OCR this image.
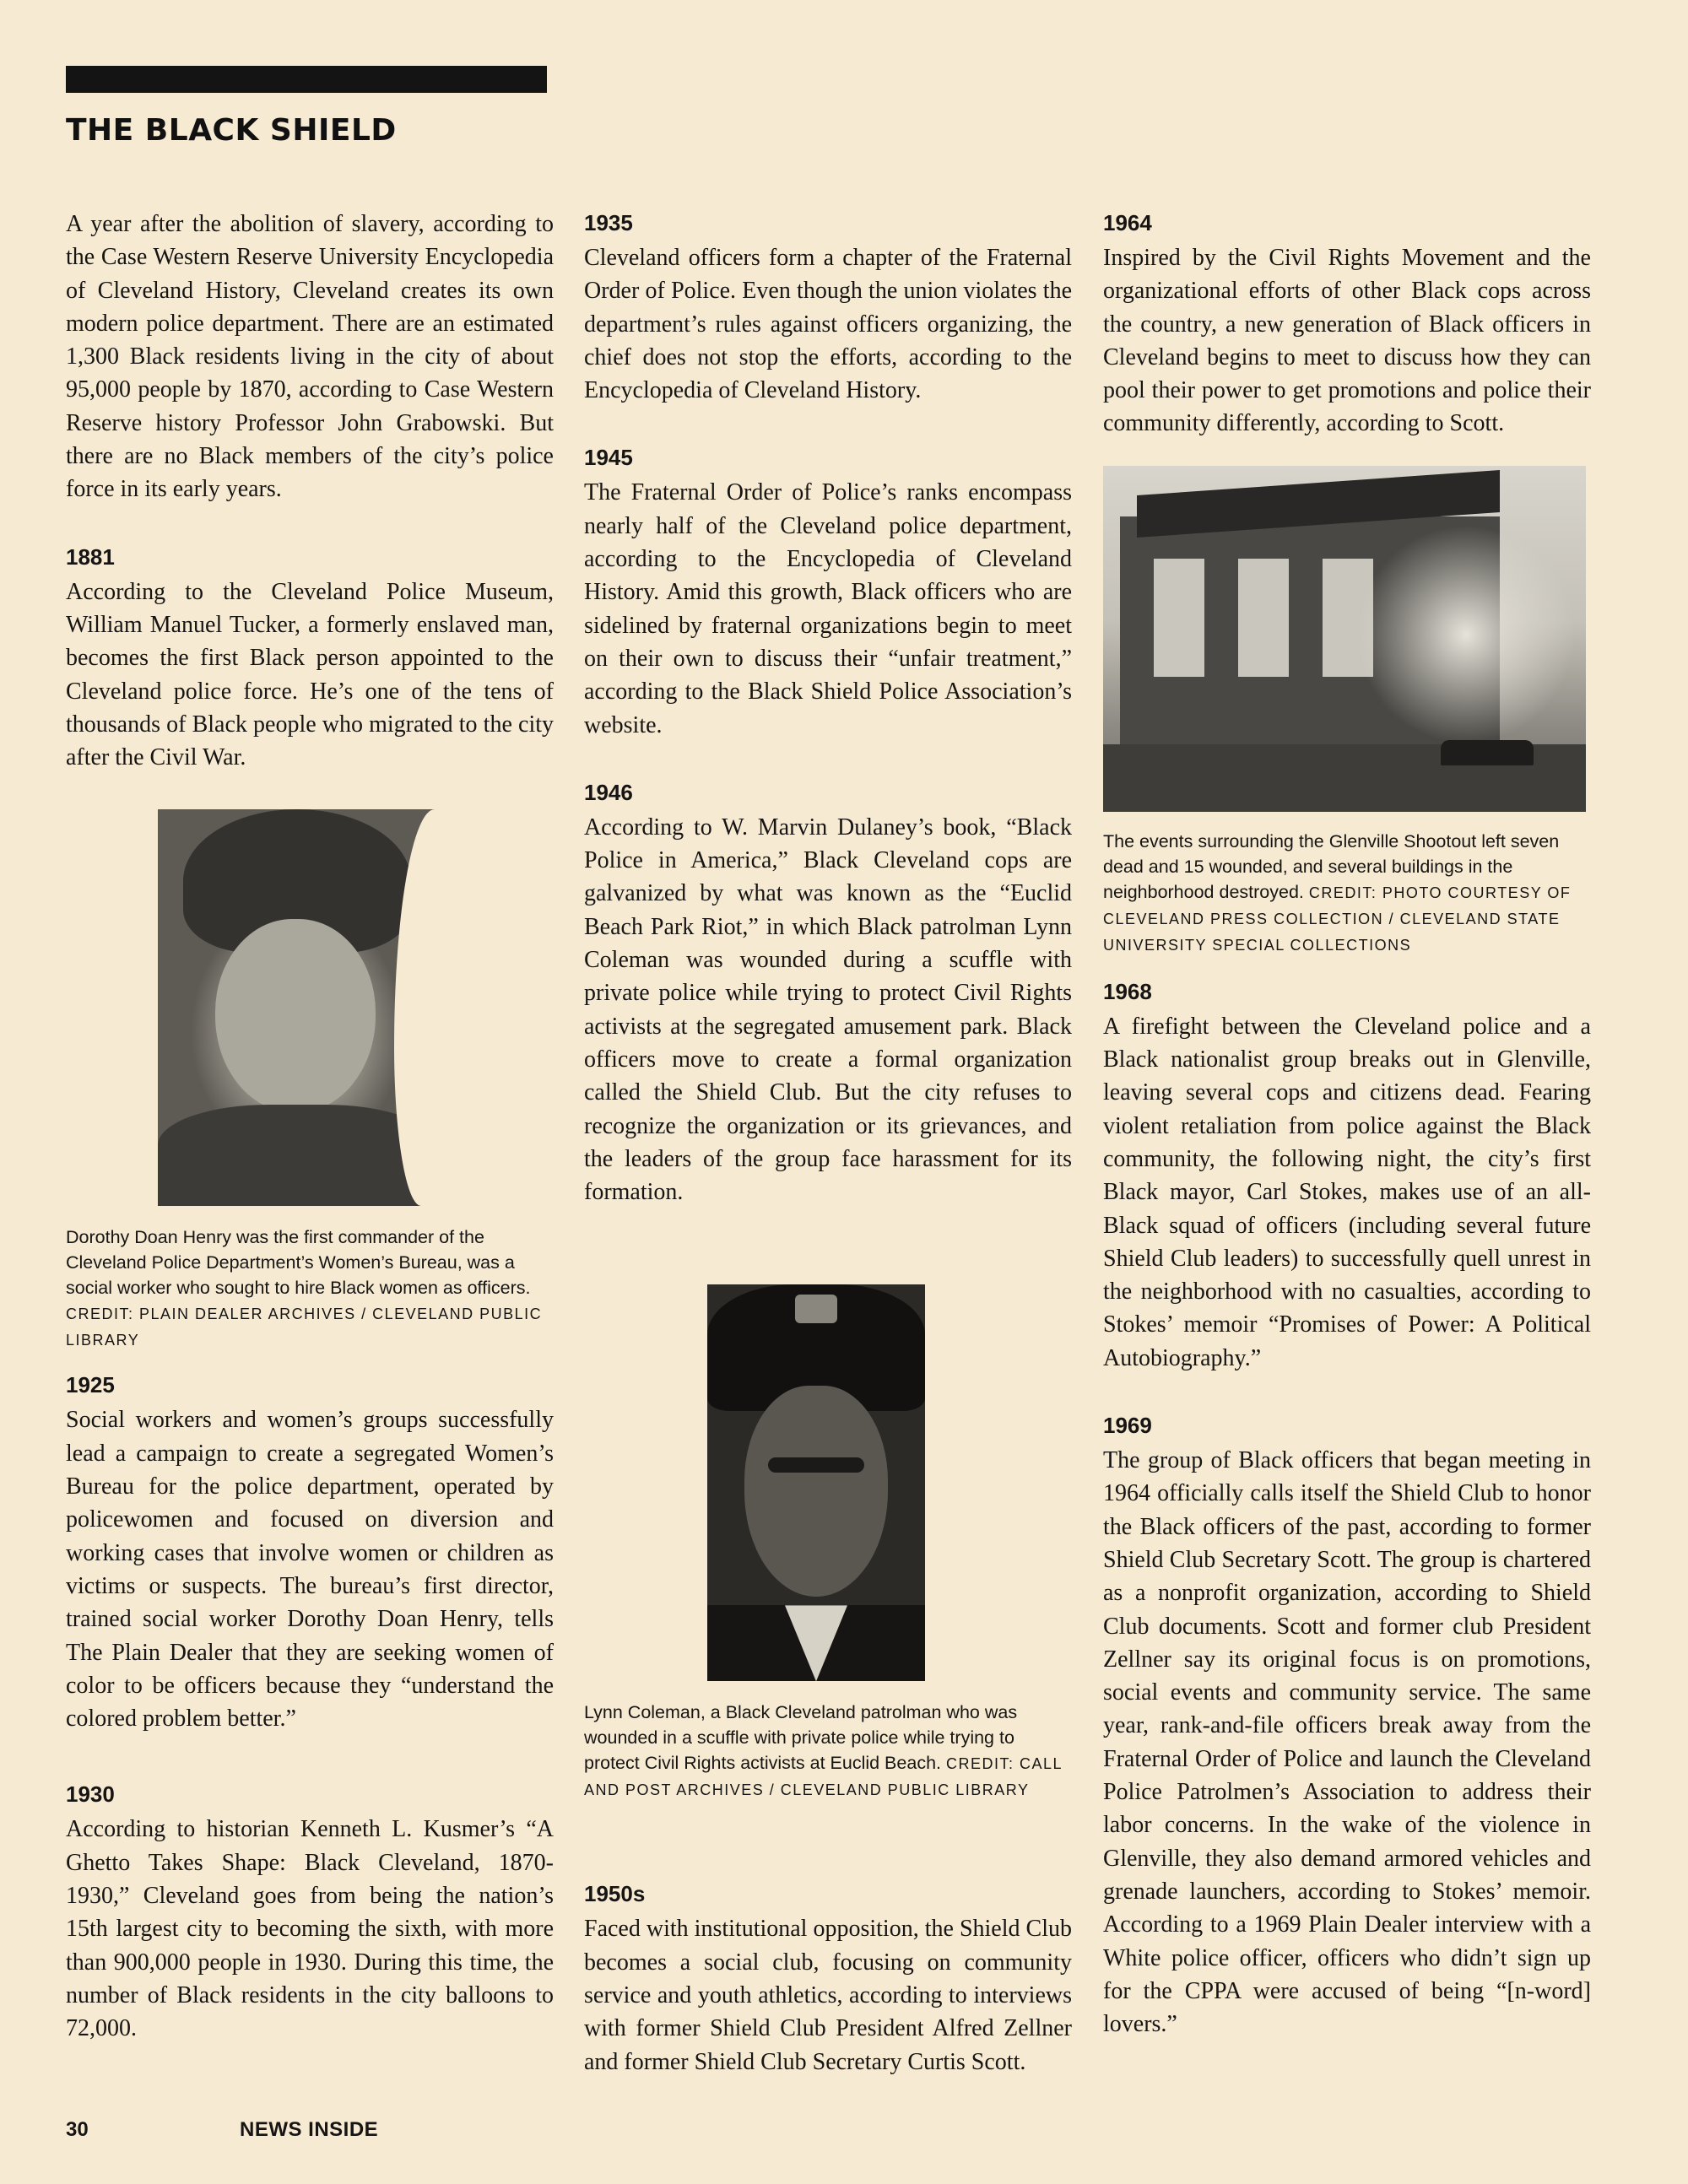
THE BLACK SHIELD

A year after the abolition of slavery, according to the Case Western Reserve University Encyclopedia of Cleveland History, Cleveland creates its own modern police department. There are an estimated 1,300 Black residents living in the city of about 95,000 people by 1870, according to Case Western Reserve history Professor John Grabowski. But there are no Black members of the city’s police force in its early years.

1881

According to the Cleveland Police Museum, William Manuel Tucker, a formerly enslaved man, becomes the first Black person appointed to the Cleveland police force. He’s one of the tens of thousands of Black people who migrated to the city after the Civil War.

Dorothy Doan Henry was the first commander of the Cleveland Police Department’s Women’s Bureau, was a social worker who sought to hire Black women as officers. CREDIT: PLAIN DEALER ARCHIVES / CLEVELAND PUBLIC LIBRARY

1925

Social workers and women’s groups successfully lead a campaign to create a segregated Women’s Bureau for the police department, operated by policewomen and focused on diversion and working cases that involve women or children as victims or suspects. The bureau’s first director, trained social worker Dorothy Doan Henry, tells The Plain Dealer that they are seeking women of color to be officers because they “understand the colored problem better.”

1930

According to historian Kenneth L. Kusmer’s “A Ghetto Takes Shape: Black Cleveland, 1870-1930,” Cleveland goes from being the nation’s 15th largest city to becoming the sixth, with more than 900,000 people in 1930. During this time, the number of Black residents in the city balloons to 72,000.

1935

Cleveland officers form a chapter of the Fraternal Order of Police. Even though the union violates the department’s rules against officers organizing, the chief does not stop the efforts, according to the Encyclopedia of Cleveland History.

1945

The Fraternal Order of Police’s ranks encompass nearly half of the Cleveland police department, according to the Encyclopedia of Cleveland History. Amid this growth, Black officers who are sidelined by fraternal organizations begin to meet on their own to discuss their “unfair treatment,” according to the Black Shield Police Association’s website.

1946

According to W. Marvin Dulaney’s book, “Black Police in America,” Black Cleveland cops are galvanized by what was known as the “Euclid Beach Park Riot,” in which Black patrolman Lynn Coleman was wounded during a scuffle with private police while trying to protect Civil Rights activists at the segregated amusement park. Black officers move to create a formal organization called the Shield Club. But the city refuses to recognize the organization or its grievances, and the leaders of the group face harassment for its formation.

Lynn Coleman, a Black Cleveland patrolman who was wounded in a scuffle with private police while trying to protect Civil Rights activists at Euclid Beach. CREDIT: CALL AND POST ARCHIVES / CLEVELAND PUBLIC LIBRARY

1950s

Faced with institutional opposition, the Shield Club becomes a social club, focusing on community service and youth athletics, according to interviews with former Shield Club President Alfred Zellner and former Shield Club Secretary Curtis Scott.

1964

Inspired by the Civil Rights Movement and the organizational efforts of other Black cops across the country, a new generation of Black officers in Cleveland begins to meet to discuss how they can pool their power to get promotions and police their community differently, according to Scott.

The events surrounding the Glenville Shootout left seven dead and 15 wounded, and several buildings in the neighborhood destroyed. CREDIT: PHOTO COURTESY OF CLEVELAND PRESS COLLECTION / CLEVELAND STATE UNIVERSITY SPECIAL COLLECTIONS

1968

A firefight between the Cleveland police and a Black nationalist group breaks out in Glenville, leaving several cops and citizens dead. Fearing violent retaliation from police against the Black community, the following night, the city’s first Black mayor, Carl Stokes, makes use of an all-Black squad of officers (including several future Shield Club leaders) to successfully quell unrest in the neighborhood with no casualties, according to Stokes’ memoir “Promises of Power: A Political Autobiography.”

1969

The group of Black officers that began meeting in 1964 officially calls itself the Shield Club to honor the Black officers of the past, according to former Shield Club Secretary Scott. The group is chartered as a nonprofit organization, according to Shield Club documents. Scott and former club President Zellner say its original focus is on promotions, social events and community service. The same year, rank-and-file officers break away from the Fraternal Order of Police and launch the Cleveland Police Patrolmen’s Association to address their labor concerns. In the wake of the violence in Glenville, they also demand armored vehicles and grenade launchers, according to Stokes’ memoir. According to a 1969 Plain Dealer interview with a White police officer, officers who didn’t sign up for the CPPA were accused of being “[n-word] lovers.”

30	NEWS INSIDE
